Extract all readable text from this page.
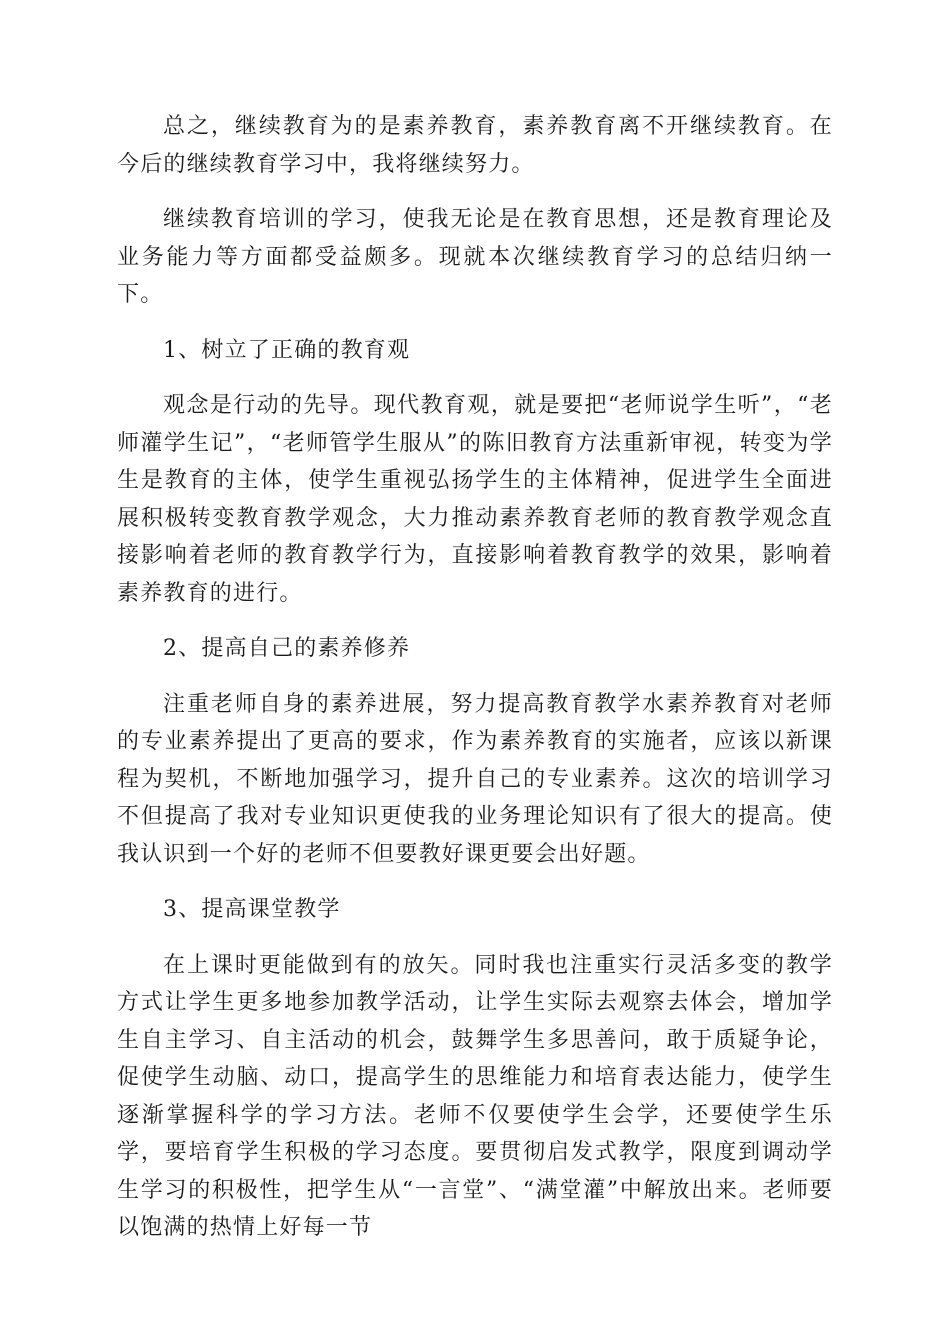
总之，继续教育为的是素养教育，素养教育离不开继续教育。在今后的继续教育学习中，我将继续努力。

继续教育培训的学习，使我无论是在教育思想，还是教育理论及业务能力等方面都受益颇多。现就本次继续教育学习的总结归纳一下。

1、树立了正确的教育观

观念是行动的先导。现代教育观，就是要把“老师说学生听”，“老师灌学生记”，“老师管学生服从”的陈旧教育方法重新审视，转变为学生是教育的主体，使学生重视弘扬学生的主体精神，促进学生全面进展积极转变教育教学观念，大力推动素养教育老师的教育教学观念直接影响着老师的教育教学行为，直接影响着教育教学的效果，影响着素养教育的进行。

2、提高自己的素养修养

注重老师自身的素养进展，努力提高教育教学水素养教育对老师的专业素养提出了更高的要求，作为素养教育的实施者，应该以新课程为契机，不断地加强学习，提升自己的专业素养。这次的培训学习不但提高了我对专业知识更使我的业务理论知识有了很大的提高。使我认识到一个好的老师不但要教好课更要会出好题。

3、提高课堂教学

在上课时更能做到有的放矢。同时我也注重实行灵活多变的教学方式让学生更多地参加教学活动，让学生实际去观察去体会，增加学生自主学习、自主活动的机会，鼓舞学生多思善问，敢于质疑争论，促使学生动脑、动口，提高学生的思维能力和培育表达能力，使学生逐渐掌握科学的学习方法。老师不仅要使学生会学，还要使学生乐学，要培育学生积极的学习态度。要贯彻启发式教学，限度到调动学生学习的积极性，把学生从“一言堂”、“满堂灌”中解放出来。老师要以饱满的热情上好每一节
